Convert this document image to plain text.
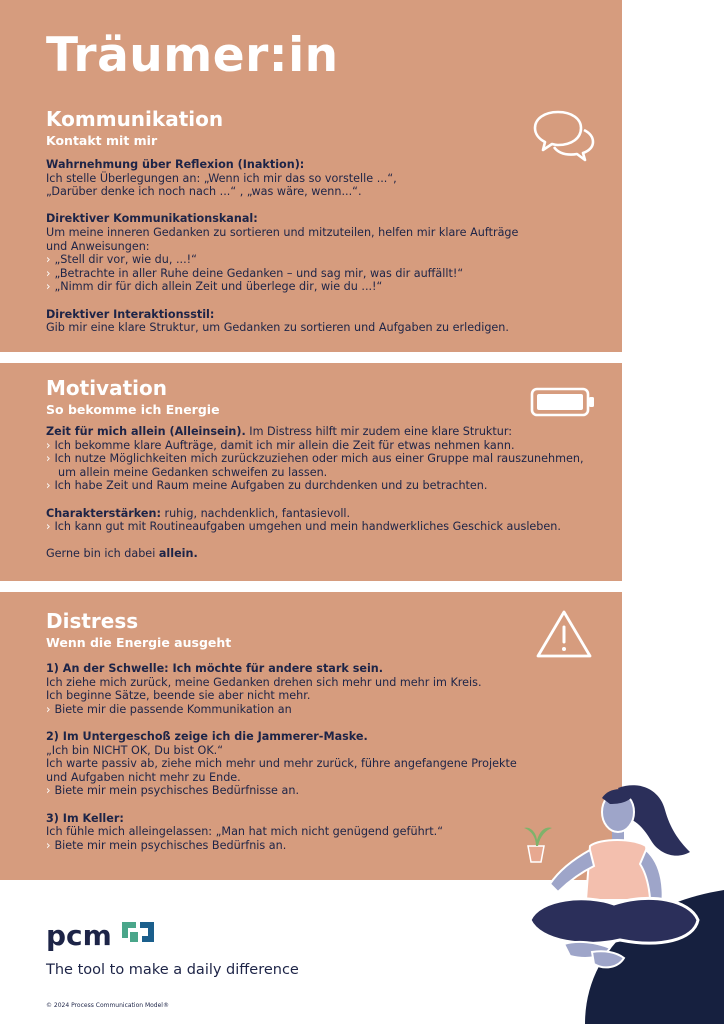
Träumer:in
Kommunikation
Kontakt mit mir

Wahrnehmung über Reflexion (Inaktion):

Ich stelle Überlegungen an: „Wenn ich mir das so vorstelle ...“,

„Darüber denke ich noch nach ...“ , „was wäre, wenn...“.

Direktiver Kommunikationskanal:

Um meine inneren Gedanken zu sortieren und mitzuteilen, helfen mir klare Aufträge

und Anweisungen:

› „Stell dir vor, wie du, ...!“

› „Betrachte in aller Ruhe deine Gedanken – und sag mir, was dir auffällt!“

› „Nimm dir für dich allein Zeit und überlege dir, wie du ...!“

Direktiver Interaktionsstil:

Gib mir eine klare Struktur, um Gedanken zu sortieren und Aufgaben zu erledigen.

Motivation
So bekomme ich Energie

Zeit für mich allein (Alleinsein). Im Distress hilft mir zudem eine klare Struktur:

› Ich bekomme klare Aufträge, damit ich mir allein die Zeit für etwas nehmen kann.

› Ich nutze Möglichkeiten mich zurückzuziehen oder mich aus einer Gruppe mal rauszunehmen,

um allein meine Gedanken schweifen zu lassen.

› Ich habe Zeit und Raum meine Aufgaben zu durchdenken und zu betrachten.

Charakterstärken: ruhig, nachdenklich, fantasievoll.

› Ich kann gut mit Routineaufgaben umgehen und mein handwerkliches Geschick ausleben.

Gerne bin ich dabei allein.

Distress
Wenn die Energie ausgeht

1) An der Schwelle: Ich möchte für andere stark sein.

Ich ziehe mich zurück, meine Gedanken drehen sich mehr und mehr im Kreis.

Ich beginne Sätze, beende sie aber nicht mehr.

› Biete mir die passende Kommunikation an

2) Im Untergeschoß zeige ich die Jammerer-Maske.

„Ich bin NICHT OK, Du bist OK.“

Ich warte passiv ab, ziehe mich mehr und mehr zurück, führe angefangene Projekte

und Aufgaben nicht mehr zu Ende.

› Biete mir mein psychisches Bedürfnisse an.

3) Im Keller:

Ich fühle mich alleingelassen: „Man hat mich nicht genügend geführt.“

› Biete mir mein psychisches Bedürfnis an.

pcm

The tool to make a daily difference

© 2024 Process Communication Model®
